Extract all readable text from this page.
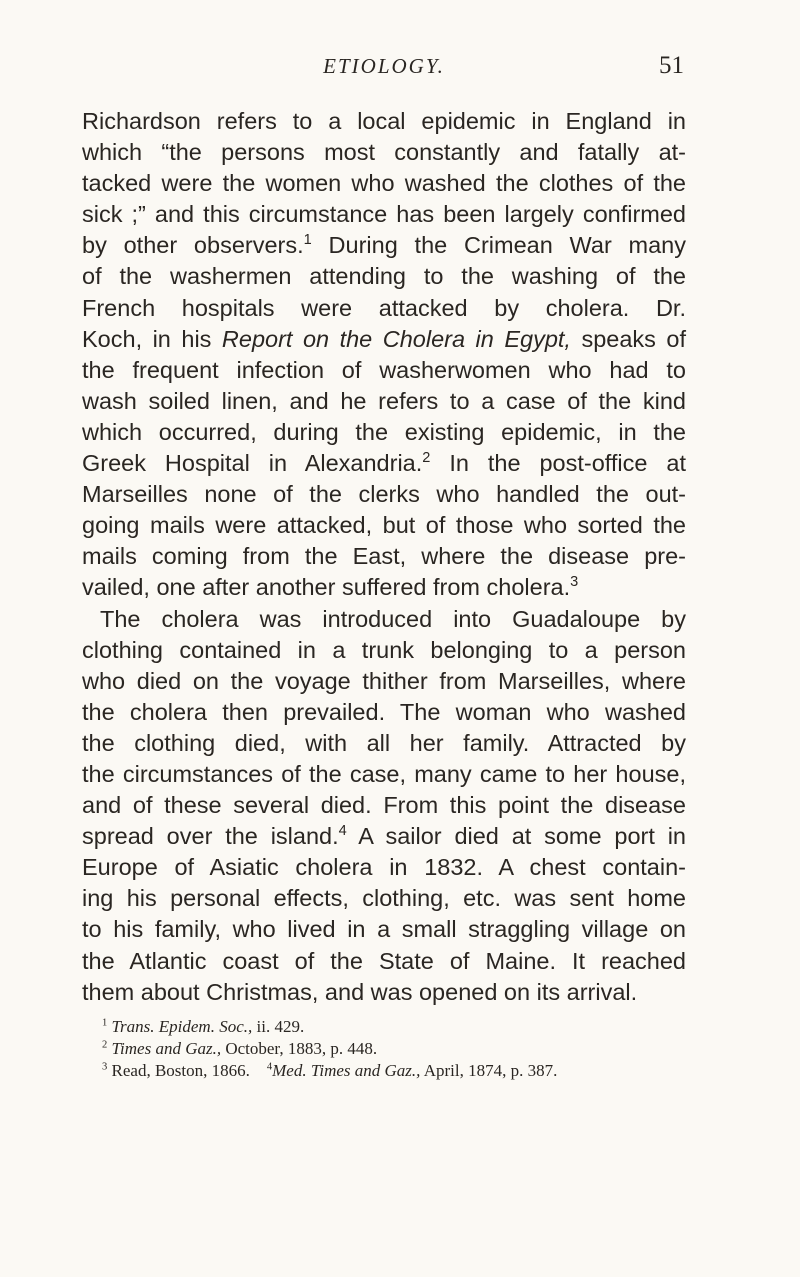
ETIOLOGY.	51
Richardson refers to a local epidemic in England in
which “the persons most constantly and fatally at-
tacked were the women who washed the clothes of the
sick ;” and this circumstance has been largely confirmed
by other observers.$^1$ During the Crimean War many
of the washermen attending to the washing of the
French hospitals were attacked by cholera. Dr.
Koch, in his Report on the Cholera in Egypt, speaks of
the frequent infection of washerwomen who had to
wash soiled linen, and he refers to a case of the kind
which occurred, during the existing epidemic, in the
Greek Hospital in Alexandria.$^2$ In the post-office at
Marseilles none of the clerks who handled the out-
going mails were attacked, but of those who sorted the
mails coming from the East, where the disease pre-
vailed, one after another suffered from cholera.$^3$
The cholera was introduced into Guadaloupe by
clothing contained in a trunk belonging to a person
who died on the voyage thither from Marseilles, where
the cholera then prevailed. The woman who washed
the clothing died, with all her family. Attracted by
the circumstances of the case, many came to her house,
and of these several died. From this point the disease
spread over the island.$^4$ A sailor died at some port in
Europe of Asiatic cholera in 1832. A chest contain-
ing his personal effects, clothing, etc. was sent home
to his family, who lived in a small straggling village on
the Atlantic coast of the State of Maine. It reached
them about Christmas, and was opened on its arrival.
$^1$ Trans. Epidem. Soc., ii. 429.
$^2$ Times and Gaz., October, 1883, p. 448.
$^3$ Read, Boston, 1866. $^4$Med. Times and Gaz., April, 1874, p. 387.
